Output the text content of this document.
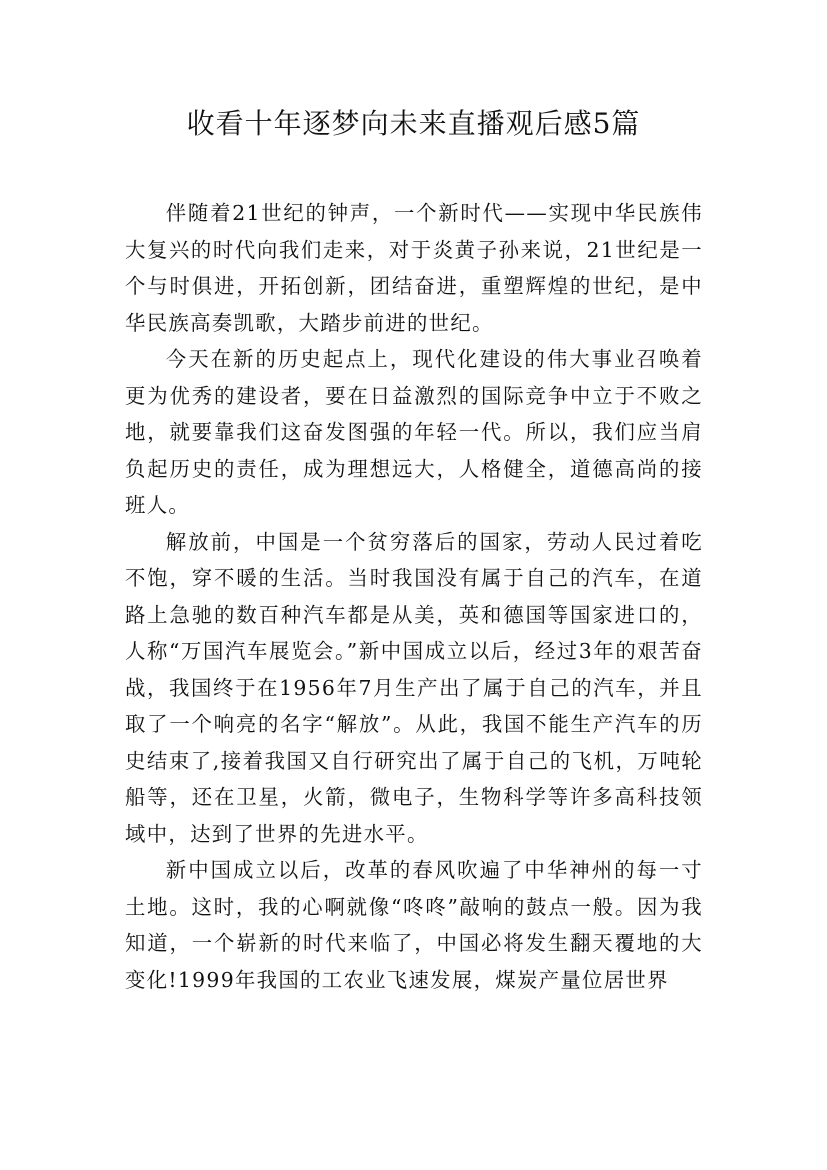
收看十年逐梦向未来直播观后感5篇

伴随着21世纪的钟声，一个新时代——实现中华民族伟大复兴的时代向我们走来，对于炎黄子孙来说，21世纪是一个与时俱进，开拓创新，团结奋进，重塑辉煌的世纪，是中华民族高奏凯歌，大踏步前进的世纪。

今天在新的历史起点上，现代化建设的伟大事业召唤着更为优秀的建设者，要在日益激烈的国际竞争中立于不败之地，就要靠我们这奋发图强的年轻一代。所以，我们应当肩负起历史的责任，成为理想远大，人格健全，道德高尚的接班人。

解放前，中国是一个贫穷落后的国家，劳动人民过着吃不饱，穿不暖的生活。当时我国没有属于自己的汽车，在道路上急驰的数百种汽车都是从美，英和德国等国家进口的，人称“万国汽车展览会。”新中国成立以后，经过3年的艰苦奋战，我国终于在1956年7月生产出了属于自己的汽车，并且取了一个响亮的名字“解放”。从此，我国不能生产汽车的历史结束了,接着我国又自行研究出了属于自己的飞机，万吨轮船等，还在卫星，火箭，微电子，生物科学等许多高科技领域中，达到了世界的先进水平。

新中国成立以后，改革的春风吹遍了中华神州的每一寸土地。这时，我的心啊就像“咚咚”敲响的鼓点一般。因为我知道，一个崭新的时代来临了，中国必将发生翻天覆地的大变化!1999年我国的工农业飞速发展，煤炭产量位居世界
